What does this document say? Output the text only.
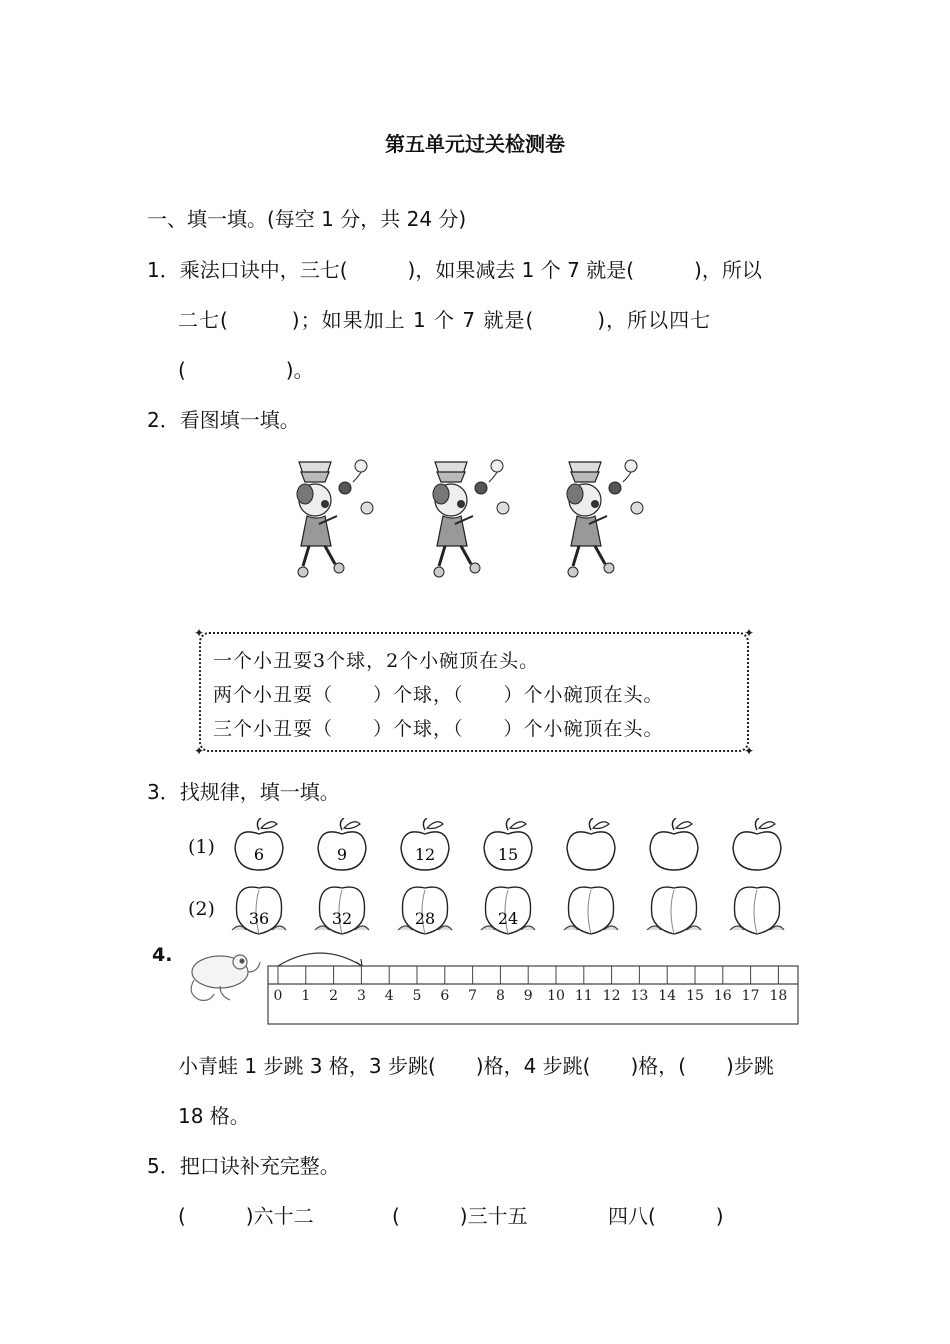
第五单元过关检测卷
一、填一填。(每空 1 分，共 24 分)
1．乘法口诀中，三七(　　　)，如果减去 1 个 7 就是(　　　)，所以
二七(　　　)；如果加上 1 个 7 就是(　　　)，所以四七
(　　　　　)。
2．看图填一填。
✦	✦
✦	✦
一个小丑耍3个球，2个小碗顶在头。
两个小丑耍（　　）个球，（　　）个小碗顶在头。
三个小丑耍（　　）个球，（　　）个小碗顶在头。
3．找规律，填一填。
(1)
(2)
6	9	12	15
36	32	28	24
4.
0 1 2 3 4 5 6 7 8 9 10 11 12 13 14 15 16 17 18
小青蛙 1 步跳 3 格，3 步跳(　　)格，4 步跳(　　)格，(　　)步跳
18 格。
5．把口诀补充完整。
(　　　)六十二	(　　　)三十五	四八(　　　)
